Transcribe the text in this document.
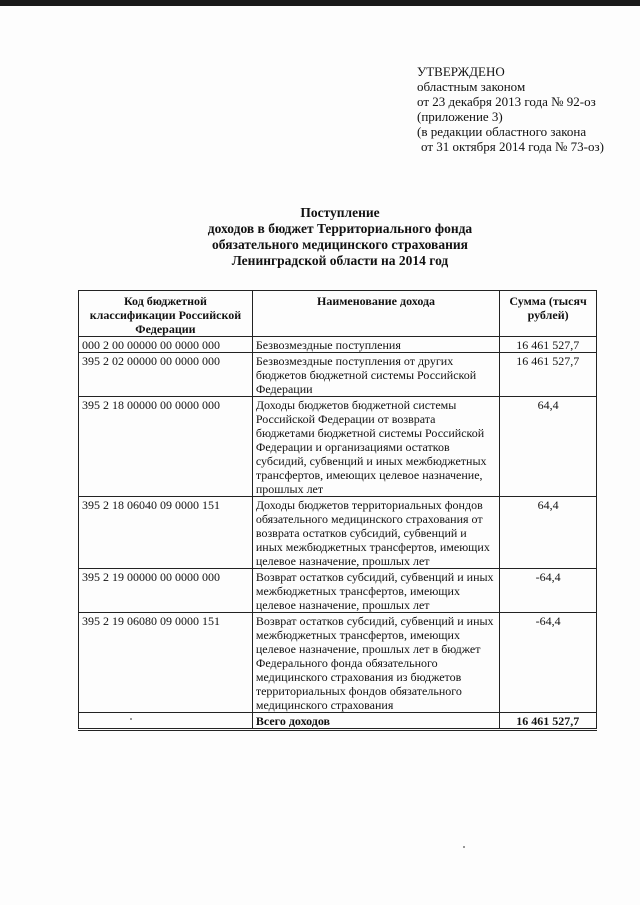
УТВЕРЖДЕНО
областным законом
от 23 декабря 2013 года № 92-оз
(приложение 3)
(в редакции областного закона
от 31 октября 2014 года № 73-оз)
Поступление
доходов в бюджет Территориального фонда
обязательного медицинского страхования
Ленинградской области на 2014 год
Код бюджетной классификации Российской Федерации	Наименование дохода	Сумма (тысяч рублей)
000 2 00 00000 00 0000 000	Безвозмездные поступления	16 461 527,7
395 2 02 00000 00 0000 000	Безвозмездные поступления от других бюджетов бюджетной системы Российской Федерации	16 461 527,7
395 2 18 00000 00 0000 000	Доходы бюджетов бюджетной системы Российской Федерации от возврата бюджетами бюджетной системы Российской Федерации и организациями остатков субсидий, субвенций и иных межбюджетных трансфертов, имеющих целевое назначение, прошлых лет	64,4
395 2 18 06040 09 0000 151	Доходы бюджетов территориальных фондов обязательного медицинского страхования от возврата остатков субсидий, субвенций и иных межбюджетных трансфертов, имеющих целевое назначение, прошлых лет	64,4
395 2 19 00000 00 0000 000	Возврат остатков субсидий, субвенций и иных межбюджетных трансфертов, имеющих целевое назначение, прошлых лет	-64,4
395 2 19 06080 09 0000 151	Возврат остатков субсидий, субвенций и иных межбюджетных трансфертов, имеющих целевое назначение, прошлых лет в бюджет Федерального фонда обязательного медицинского страхования из бюджетов территориальных фондов обязательного медицинского страхования	-64,4
	Всего доходов	16 461 527,7
